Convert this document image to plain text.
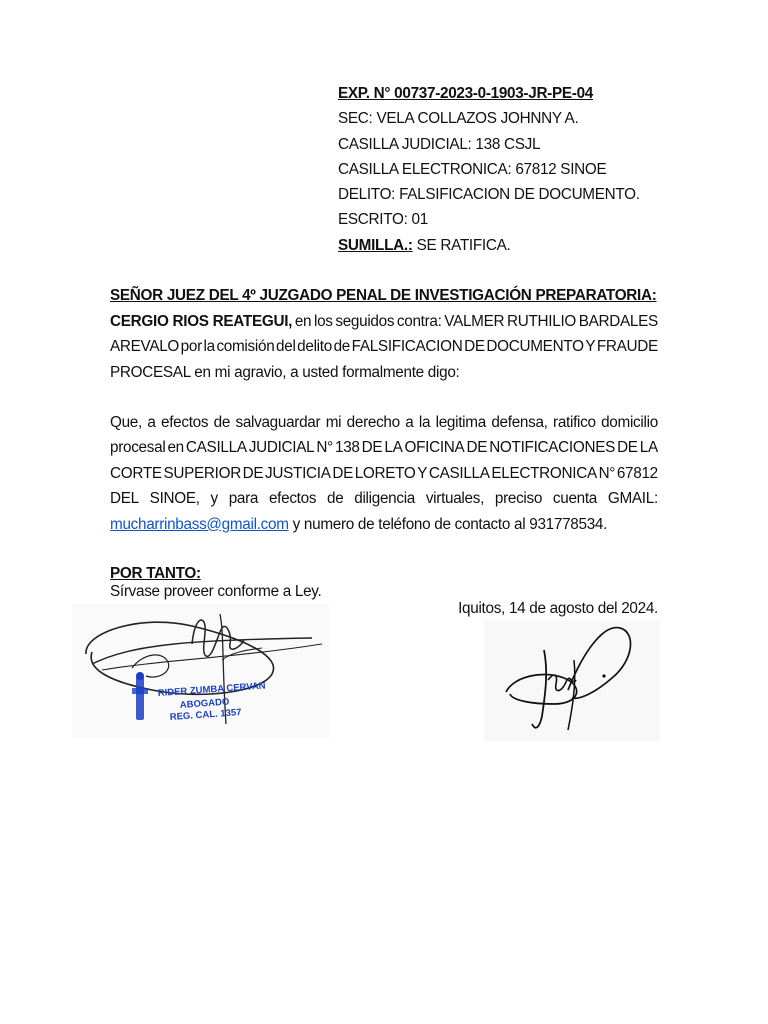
EXP. N° 00737-2023-0-1903-JR-PE-04
SEC: VELA COLLAZOS JOHNNY A.
CASILLA JUDICIAL: 138 CSJL
CASILLA ELECTRONICA: 67812 SINOE
DELITO: FALSIFICACION DE DOCUMENTO.
ESCRITO: 01
SUMILLA.: SE RATIFICA.
SEÑOR JUEZ DEL 4º JUZGADO PENAL DE INVESTIGACIÓN PREPARATORIA:
CERGIO RIOS REATEGUI, en los seguidos contra: VALMER RUTHILIO BARDALES
AREVALO por la comisión del delito de FALSIFICACION DE DOCUMENTO Y FRAUDE
PROCESAL en mi agravio, a usted formalmente digo:
Que, a efectos de salvaguardar mi derecho a la legitima defensa, ratifico domicilio
procesal en CASILLA JUDICIAL N° 138 DE LA OFICINA DE NOTIFICACIONES DE LA
CORTE SUPERIOR DE JUSTICIA DE LORETO Y CASILLA ELECTRONICA N° 67812
DEL SINOE, y para efectos de diligencia virtuales, preciso cuenta GMAIL:
mucharrinbass@gmail.com y numero de teléfono de contacto al 931778534.
POR TANTO:
Sírvase proveer conforme a Ley.
Iquitos, 14 de agosto del 2024.
RIDER ZUMBA CERVAN
ABOGADO
REG. CAL. 1357
